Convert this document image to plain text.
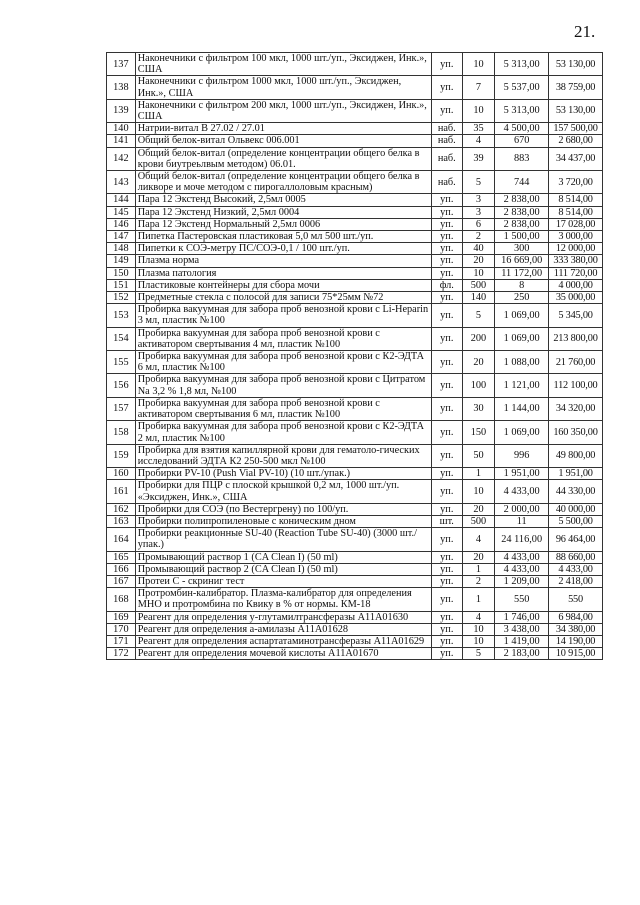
21.
137	Наконечники с фильтром 100 мкл, 1000 шт./уп., Эксиджен, Инк.», США	уп.	10	5 313,00	53 130,00
138	Наконечники с фильтром 1000 мкл, 1000 шт./уп., Эксиджен, Инк.», США	уп.	7	5 537,00	38 759,00
139	Наконечники с фильтром 200 мкл, 1000 шт./уп., Эксиджен, Инк.», США	уп.	10	5 313,00	53 130,00
140	Натрии-витал В 27.02 / 27.01	наб.	35	4 500,00	157 500,00
141	Общий белок-витал Ольвекс 006.001	наб.	4	670	2 680,00
142	Общий белок-витал (определение концентрации общего белка в крови биутреьлвым методом) 06.01.	наб.	39	883	34 437,00
143	Общий белок-витал (определение концентрации общего белка в ликворе и моче методом с пирогаллоловым красным)	наб.	5	744	3 720,00
144	Пара 12 Экстенд Высокий, 2,5мл 0005	уп.	3	2 838,00	8 514,00
145	Пара 12 Экстенд Низкий, 2,5мл 0004	уп.	3	2 838,00	8 514,00
146	Пара 12 Экстенд Нормальный 2,5мл 0006	уп.	6	2 838,00	17 028,00
147	Пипетка Пастеровская пластиковая 5,0 мл 500 шт./уп.	уп.	2	1 500,00	3 000,00
148	Пипетки к СОЭ-метру ПС/СОЭ-0,1 / 100 шт./уп.	уп.	40	300	12 000,00
149	Плазма норма	уп.	20	16 669,00	333 380,00
150	Плазма патология	уп.	10	11 172,00	111 720,00
151	Пластиковые контейнеры для сбора мочи	фл.	500	8	4 000,00
152	Предметные стекла с полосой для записи 75*25мм №72	уп.	140	250	35 000,00
153	Пробирка вакуумная для забора проб венозной крови с Li-Heparin 3 мл, пластик №100	уп.	5	1 069,00	5 345,00
154	Пробирка вакуумная для забора проб венозной крови с активатором свертывания 4 мл, пластик №100	уп.	200	1 069,00	213 800,00
155	Пробирка вакуумная для забора проб венозной крови с К2-ЭДТА 6 мл, пластик №100	уп.	20	1 088,00	21 760,00
156	Пробирка вакуумная для забора проб венозной крови с Цитратом Na 3,2 % 1,8 мл, №100	уп.	100	1 121,00	112 100,00
157	Пробирка вакуумная для забора проб венозной крови с активатором свертывания 6 мл, пластик №100	уп.	30	1 144,00	34 320,00
158	Пробирка вакуумная для забора проб венозной крови с К2-ЭДТА 2 мл, пластик №100	уп.	150	1 069,00	160 350,00
159	Пробирка для взятия капиллярной крови для гематоло-гических исследований ЭДТА К2 250-500 мкл №100	уп.	50	996	49 800,00
160	Пробирки PV-10 (Push Vial PV-10) (10 шт./упак.)	уп.	1	1 951,00	1 951,00
161	Пробирки для ПЦР с плоской крышкой 0,2 мл, 1000 шт./уп. «Эксиджен, Инк.», США	уп.	10	4 433,00	44 330,00
162	Пробирки для СОЭ (по Вестергрену) по 100/уп.	уп.	20	2 000,00	40 000,00
163	Пробирки полипропиленовые с коническим дном	шт.	500	11	5 500,00
164	Пробирки реакционные SU-40 (Reaction Tube SU-40) (3000 шт./упак.)	уп.	4	24 116,00	96 464,00
165	Промывающий раствор 1 (CA Clean I) (50 ml)	уп.	20	4 433,00	88 660,00
166	Промывающий раствор 2 (CA Clean I) (50 ml)	уп.	1	4 433,00	4 433,00
167	Протеи С - скриниг тест	уп.	2	1 209,00	2 418,00
168	Протромбин-калибратор. Плазма-калибратор для определения МНО и протромбина по Квику в % от нормы. КМ-18	уп.	1	550	550
169	Реагент для определения у-глутамилтрансферазы A11A01630	уп.	4	1 746,00	6 984,00
170	Реагент для определения а-амилазы A11A01628	уп.	10	3 438,00	34 380,00
171	Реагент для определения аспартатаминотрансферазы A11A01629	уп.	10	1 419,00	14 190,00
172	Реагент для определения мочевой кислоты A11A01670	уп.	5	2 183,00	10 915,00
